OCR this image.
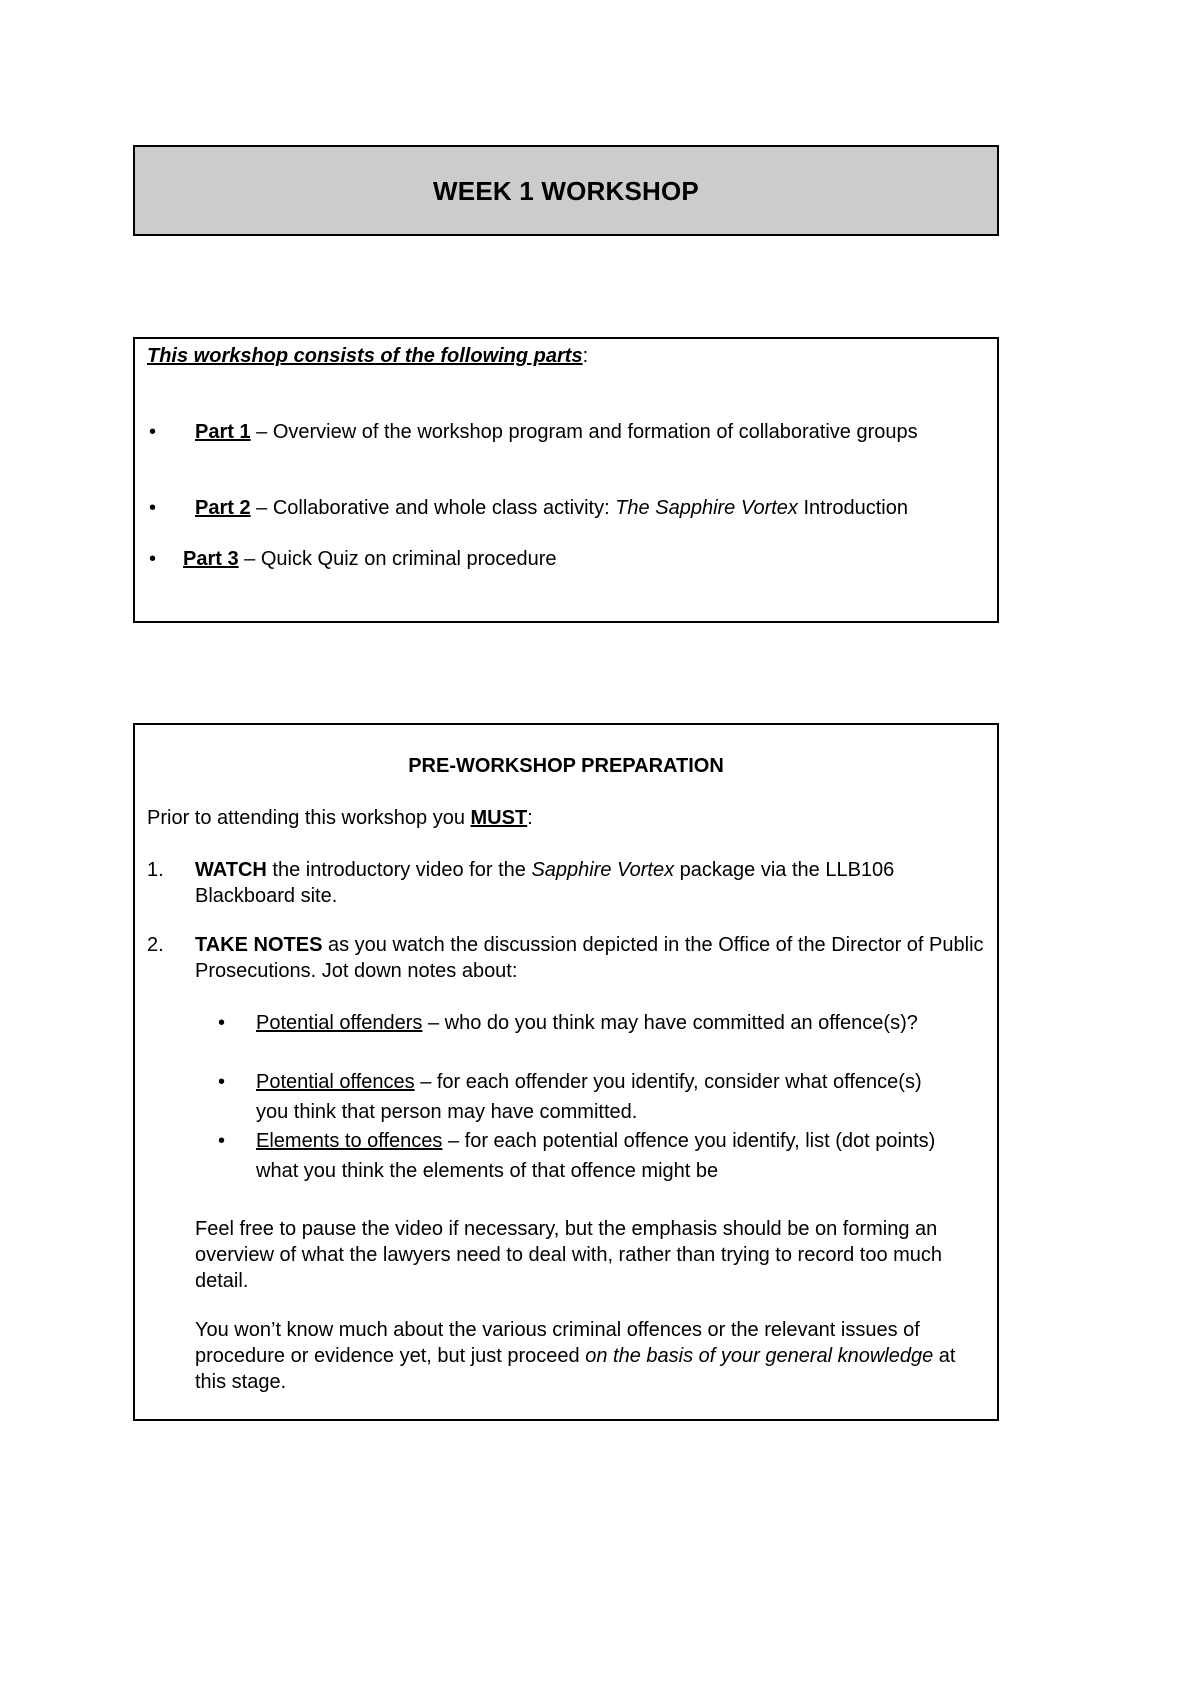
WEEK 1 WORKSHOP
This workshop consists of the following parts:
• Part 1 – Overview of the workshop program and formation of collaborative groups
• Part 2 – Collaborative and whole class activity: The Sapphire Vortex Introduction
• Part 3 – Quick Quiz on criminal procedure
PRE-WORKSHOP PREPARATION
Prior to attending this workshop you MUST:
1. WATCH the introductory video for the Sapphire Vortex package via the LLB106 Blackboard site.
2. TAKE NOTES as you watch the discussion depicted in the Office of the Director of Public Prosecutions. Jot down notes about:
• Potential offenders – who do you think may have committed an offence(s)?
• Potential offences – for each offender you identify, consider what offence(s) you think that person may have committed.
• Elements to offences – for each potential offence you identify, list (dot points) what you think the elements of that offence might be
Feel free to pause the video if necessary, but the emphasis should be on forming an overview of what the lawyers need to deal with, rather than trying to record too much detail.
You won’t know much about the various criminal offences or the relevant issues of procedure or evidence yet, but just proceed on the basis of your general knowledge at this stage.
